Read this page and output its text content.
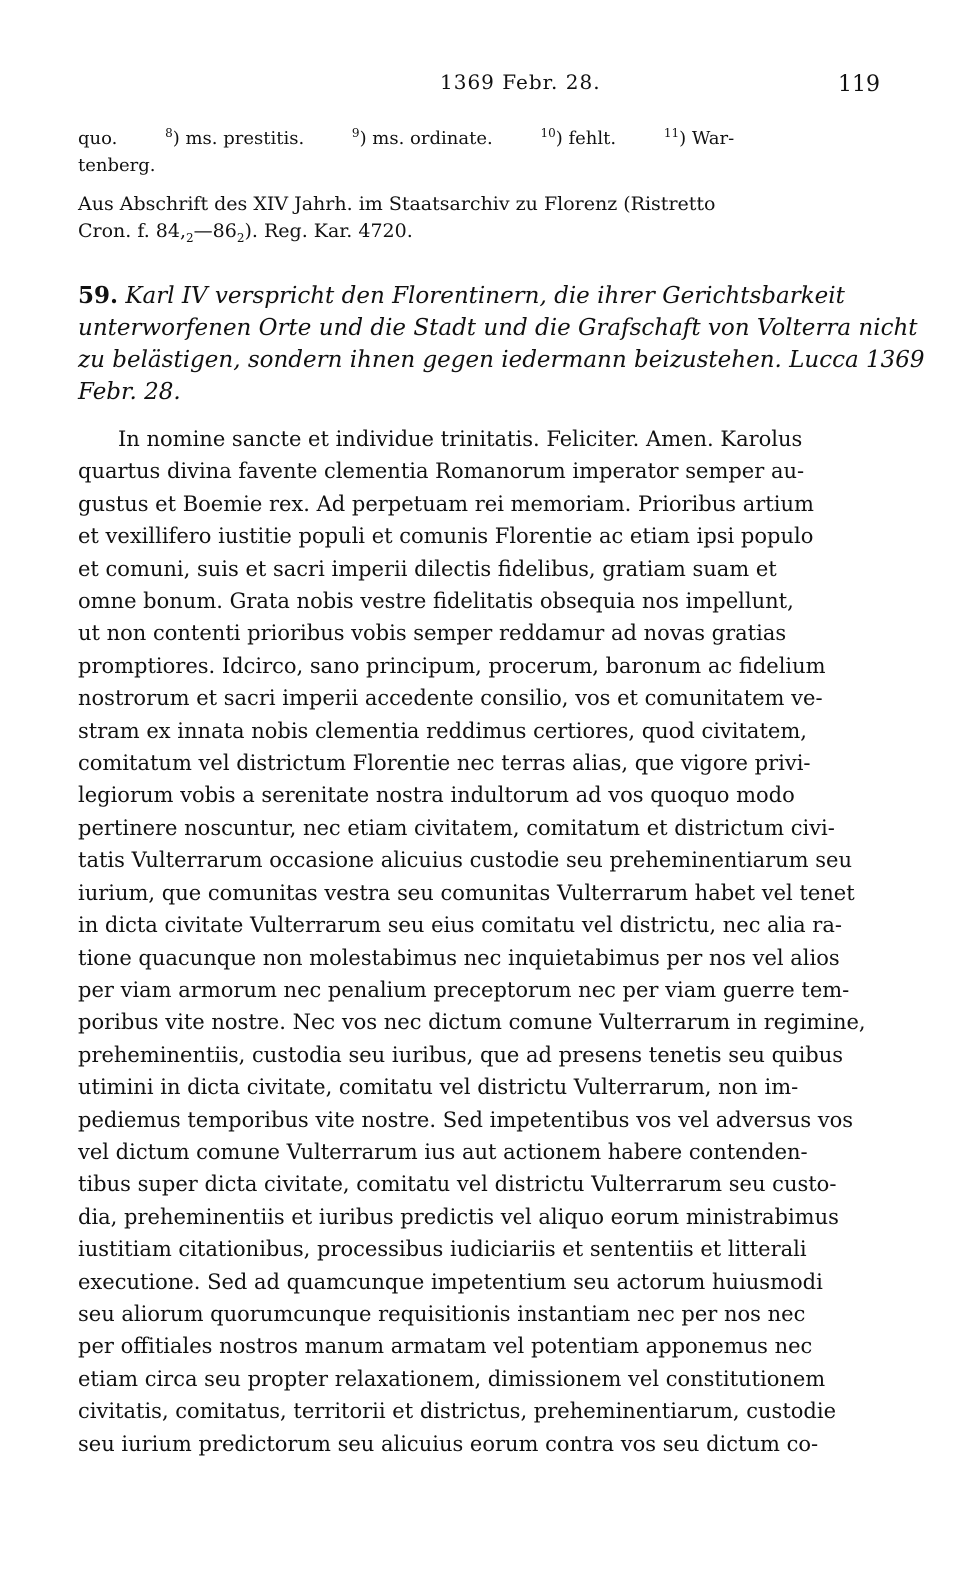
1369 Febr. 28.	119
quo.	$^8$) ms. prestitis.	$^9$) ms. ordinate.	$^{10}$) fehlt.	$^{11}$) War-
tenberg.
Aus Abschrift des XIV Jahrh. im Staatsarchiv zu Florenz (Ristretto
Cron. f. $84,_2—86_2$). Reg. Kar. 4720.
59. Karl IV verspricht den Florentinern, die ihrer Gerichtsbarkeit
unterworfenen Orte und die Stadt und die Grafschaft von Volterra nicht
zu belästigen, sondern ihnen gegen iedermann beizustehen. Lucca 1369
Febr. 28.
In nomine sancte et individue trinitatis. Feliciter. Amen. Karolus
quartus divina favente clementia Romanorum imperator semper au-
gustus et Boemie rex. Ad perpetuam rei memoriam. Prioribus artium
et vexillifero iustitie populi et comunis Florentie ac etiam ipsi populo
et comuni, suis et sacri imperii dilectis fidelibus, gratiam suam et
omne bonum. Grata nobis vestre fidelitatis obsequia nos impellunt,
ut non contenti prioribus vobis semper reddamur ad novas gratias
promptiores. Idcirco, sano principum, procerum, baronum ac fidelium
nostrorum et sacri imperii accedente consilio, vos et comunitatem ve-
stram ex innata nobis clementia reddimus certiores, quod civitatem,
comitatum vel districtum Florentie nec terras alias, que vigore privi-
legiorum vobis a serenitate nostra indultorum ad vos quoquo modo
pertinere noscuntur, nec etiam civitatem, comitatum et districtum civi-
tatis Vulterrarum occasione alicuius custodie seu preheminentiarum seu
iurium, que comunitas vestra seu comunitas Vulterrarum habet vel tenet
in dicta civitate Vulterrarum seu eius comitatu vel districtu, nec alia ra-
tione quacunque non molestabimus nec inquietabimus per nos vel alios
per viam armorum nec penalium preceptorum nec per viam guerre tem-
poribus vite nostre. Nec vos nec dictum comune Vulterrarum in regimine,
preheminentiis, custodia seu iuribus, que ad presens tenetis seu quibus
utimini in dicta civitate, comitatu vel districtu Vulterrarum, non im-
pediemus temporibus vite nostre. Sed impetentibus vos vel adversus vos
vel dictum comune Vulterrarum ius aut actionem habere contenden-
tibus super dicta civitate, comitatu vel districtu Vulterrarum seu custo-
dia, preheminentiis et iuribus predictis vel aliquo eorum ministrabimus
iustitiam citationibus, processibus iudiciariis et sententiis et litterali
executione. Sed ad quamcunque impetentium seu actorum huiusmodi
seu aliorum quorumcunque requisitionis instantiam nec per nos nec
per offitiales nostros manum armatam vel potentiam apponemus nec
etiam circa seu propter relaxationem, dimissionem vel constitutionem
civitatis, comitatus, territorii et districtus, preheminentiarum, custodie
seu iurium predictorum seu alicuius eorum contra vos seu dictum co-
